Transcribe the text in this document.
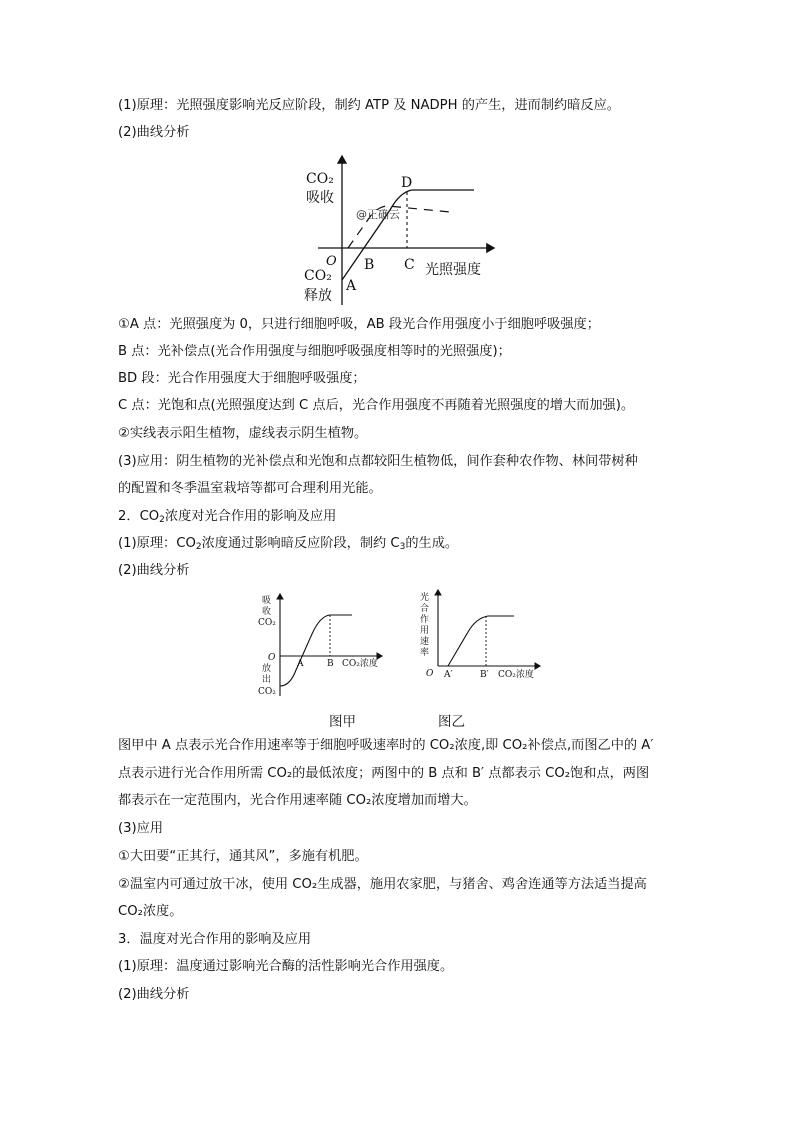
(1)原理：光照强度影响光反应阶段，制约 ATP 及 NADPH 的产生，进而制约暗反应。
(2)曲线分析
CO₂
吸收
O
CO₂
释放
A
B C
D
光照强度
@正确云
①A 点：光照强度为 0，只进行细胞呼吸，AB 段光合作用强度小于细胞呼吸强度；
B 点：光补偿点(光合作用强度与细胞呼吸强度相等时的光照强度)；
BD 段：光合作用强度大于细胞呼吸强度；
C 点：光饱和点(光照强度达到 C 点后，光合作用强度不再随着光照强度的增大而加强)。
②实线表示阳生植物，虚线表示阴生植物。
(3)应用：阴生植物的光补偿点和光饱和点都较阳生植物低，间作套种农作物、林间带树种
的配置和冬季温室栽培等都可合理利用光能。
2．$CO_2$浓度对光合作用的影响及应用
(1)原理：$CO_2$浓度通过影响暗反应阶段，制约 $C_3$的生成。
(2)曲线分析
吸
收
CO₂
O
放
出
CO₂
A	B CO₂浓度
光
合
作
用
速
率
O A′	B′ CO₂浓度
图甲	图乙
图甲中 A 点表示光合作用速率等于细胞呼吸速率时的 CO₂浓度,即 CO₂补偿点,而图乙中的 A′
点表示进行光合作用所需 CO₂的最低浓度；两图中的 B 点和 B′ 点都表示 CO₂饱和点，两图
都表示在一定范围内，光合作用速率随 CO₂浓度增加而增大。
(3)应用
①大田要“正其行，通其风”，多施有机肥。
②温室内可通过放干冰，使用 CO₂生成器，施用农家肥，与猪舍、鸡舍连通等方法适当提高
CO₂浓度。
3．温度对光合作用的影响及应用
(1)原理：温度通过影响光合酶的活性影响光合作用强度。
(2)曲线分析
